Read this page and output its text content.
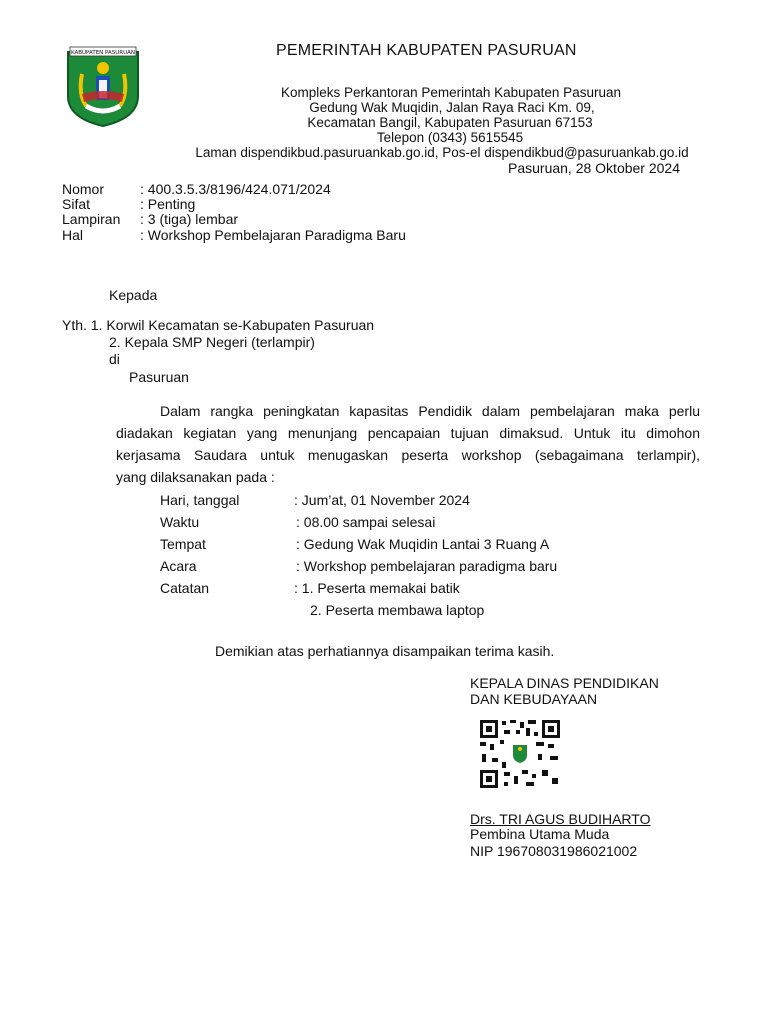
KABUPATEN PASURUAN	PEMERINTAH KABUPATEN PASURUAN
Kompleks Perkantoran Pemerintah Kabupaten Pasuruan
Gedung Wak Muqidin, Jalan Raya Raci Km. 09,
Kecamatan Bangil, Kabupaten Pasuruan 67153
Telepon (0343) 5615545
Laman dispendikbud.pasuruankab.go.id, Pos-el dispendikbud@pasuruankab.go.id
Pasuruan, 28 Oktober 2024
Nomor	: 400.3.5.3/8196/424.071/2024
Sifat	: Penting
Lampiran : 3 (tiga) lembar
Hal	: Workshop Pembelajaran Paradigma Baru
Kepada
Yth. 1. Korwil Kecamatan se-Kabupaten Pasuruan
2. Kepala SMP Negeri (terlampir)
di
Pasuruan
Dalam rangka peningkatan kapasitas Pendidik dalam pembelajaran maka perlu
diadakan kegiatan yang menunjang pencapaian tujuan dimaksud. Untuk itu dimohon
kerjasama Saudara untuk menugaskan peserta workshop (sebagaimana terlampir),
yang dilaksanakan pada :
Hari, tanggal	: Jum’at, 01 November 2024
Waktu	: 08.00 sampai selesai
Tempat	: Gedung Wak Muqidin Lantai 3 Ruang A
Acara	: Workshop pembelajaran paradigma baru
Catatan	: 1. Peserta memakai batik
2. Peserta membawa laptop
Demikian atas perhatiannya disampaikan terima kasih.
KEPALA DINAS PENDIDIKAN
DAN KEBUDAYAAN
Drs. TRI AGUS BUDIHARTO
Pembina Utama Muda
NIP 196708031986021002
